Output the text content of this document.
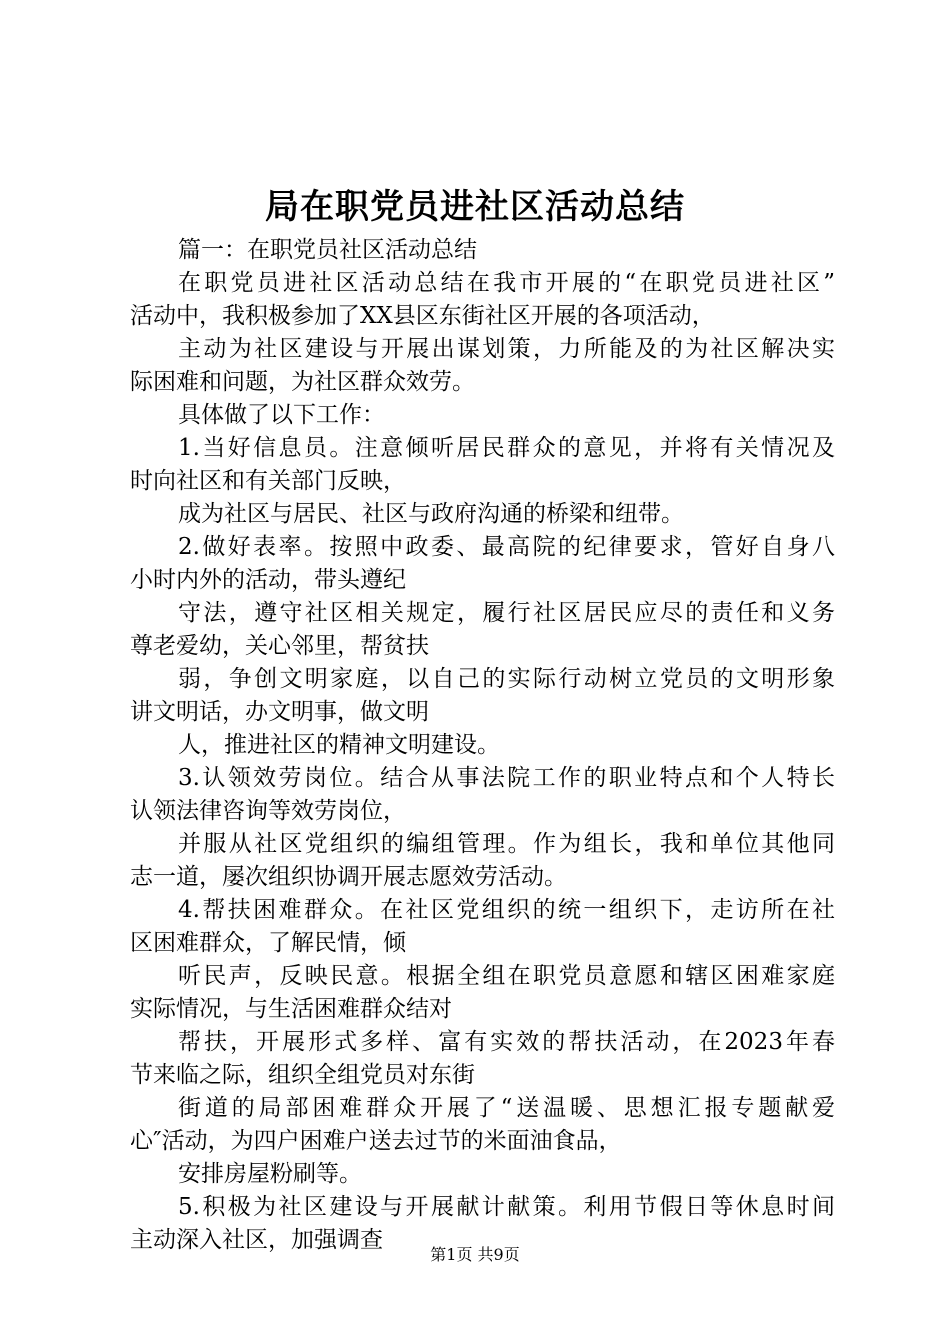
局在职党员进社区活动总结
篇一：在职党员社区活动总结
在职党员进社区活动总结在我市开展的“在职党员进社区”
活动中，我积极参加了XX县区东街社区开展的各项活动，
主动为社区建设与开展出谋划策，力所能及的为社区解决实
际困难和问题，为社区群众效劳。
具体做了以下工作：
1.当好信息员。注意倾听居民群众的意见，并将有关情况及
时向社区和有关部门反映，
成为社区与居民、社区与政府沟通的桥梁和纽带。
2.做好表率。按照中政委、最高院的纪律要求，管好自身八
小时内外的活动，带头遵纪
守法，遵守社区相关规定，履行社区居民应尽的责任和义务
尊老爱幼，关心邻里，帮贫扶
弱，争创文明家庭，以自己的实际行动树立党员的文明形象
讲文明话，办文明事，做文明
人，推进社区的精神文明建设。
3.认领效劳岗位。结合从事法院工作的职业特点和个人特长
认领法律咨询等效劳岗位，
并服从社区党组织的编组管理。作为组长，我和单位其他同
志一道，屡次组织协调开展志愿效劳活动。
4.帮扶困难群众。在社区党组织的统一组织下，走访所在社
区困难群众，了解民情，倾
听民声，反映民意。根据全组在职党员意愿和辖区困难家庭
实际情况，与生活困难群众结对
帮扶，开展形式多样、富有实效的帮扶活动，在2023年春
节来临之际，组织全组党员对东街
街道的局部困难群众开展了“送温暖、思想汇报专题献爱
心″活动，为四户困难户送去过节的米面油食品，
安排房屋粉刷等。
5.积极为社区建设与开展献计献策。利用节假日等休息时间
主动深入社区，加强调查
第1页 共9页
